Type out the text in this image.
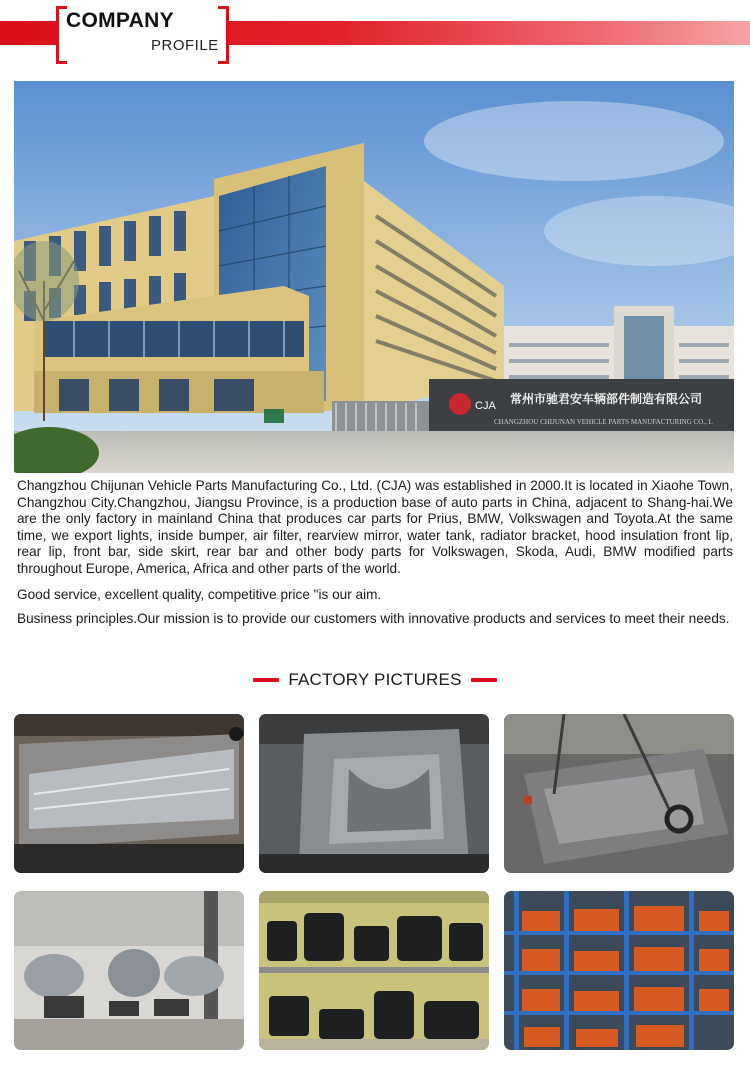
COMPANY
PROFILE
CJA 常州市驰君安车辆部件制造有限公司
CHANGZHOU CHIJUNAN VEHICLE PARTS MANUFACTURING CO., L

Changzhou Chijunan Vehicle Parts Manufacturing Co., Ltd. (CJA) was established in 2000.It is located in Xiaohe Town, Changzhou City.Changzhou, Jiangsu Province, is a production base of auto parts in China, adjacent to Shang-hai.We are the only factory in mainland China that produces car parts for Prius, BMW, Volkswagen and Toyota.At the same time, we export lights, inside bumper, air filter, rearview mirror, water tank, radiator bracket, hood insulation front lip, rear lip, front bar, side skirt, rear bar and other body parts for Volkswagen, Skoda, Audi, BMW modified parts throughout Europe, America, Africa and other parts of the world.

Good service, excellent quality, competitive price "is our aim.

Business principles.Our mission is to provide our customers with innovative products and services to meet their needs.

FACTORY PICTURES
